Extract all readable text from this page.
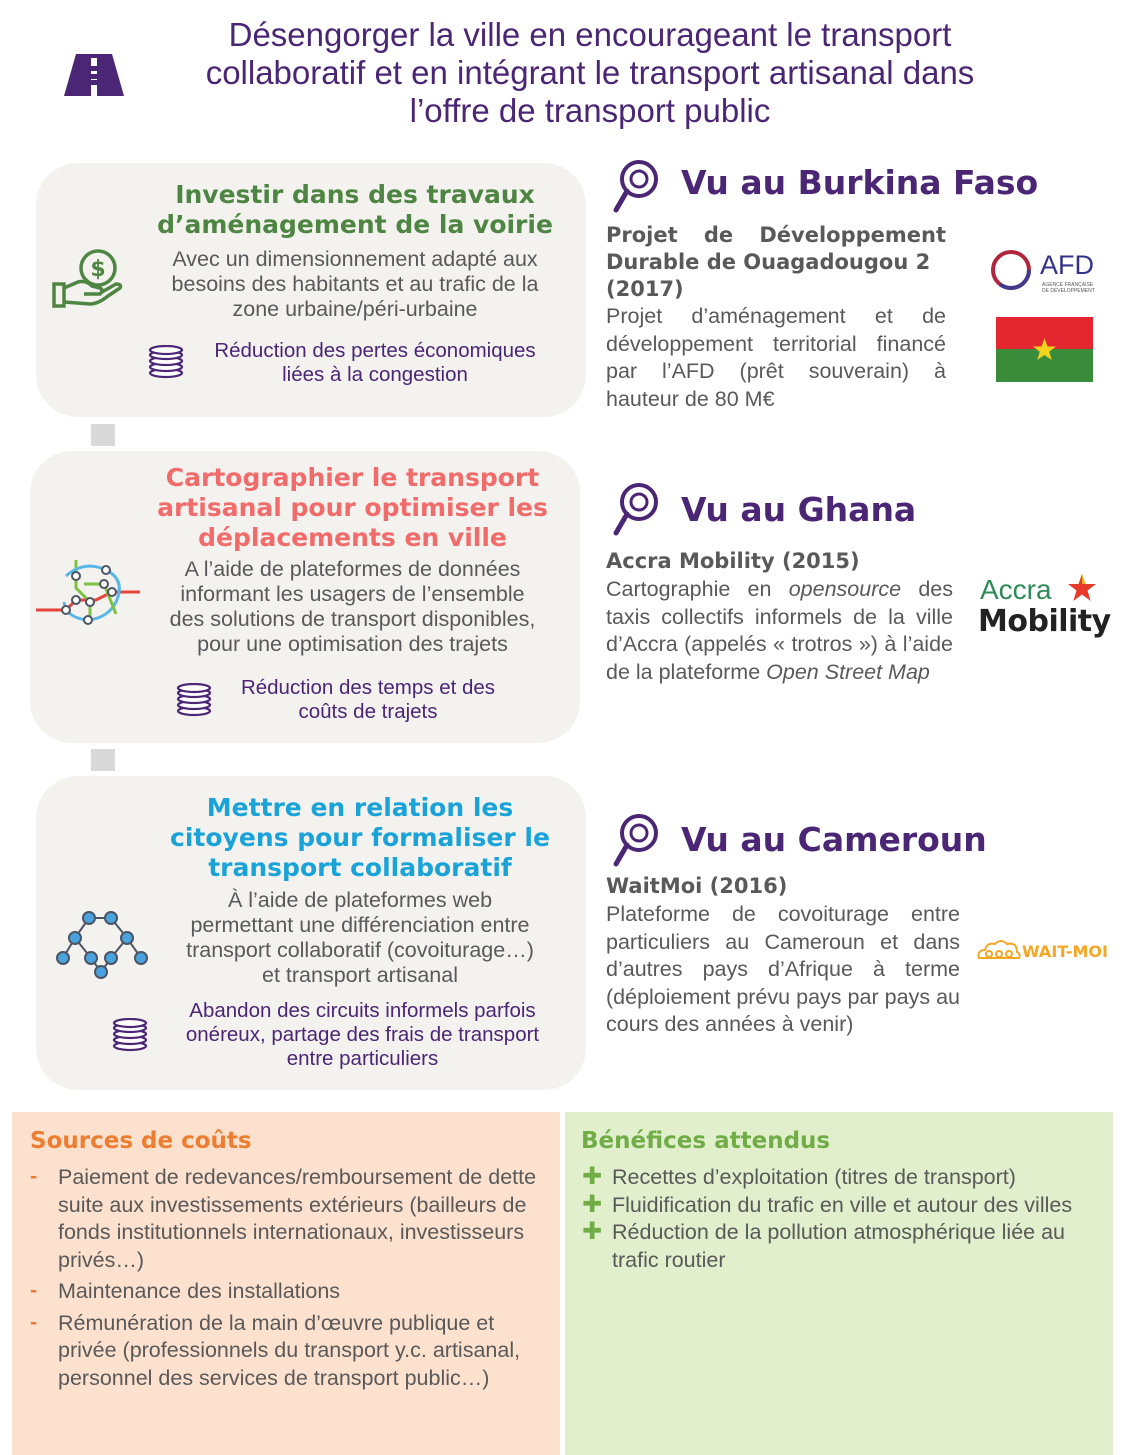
Désengorger la ville en encourageant le transport
collaboratif et en intégrant le transport artisanal dans
l’offre de transport public
$
Investir dans des travaux
d’aménagement de la voirie
Avec un dimensionnement adapté aux
besoins des habitants et au trafic de la
zone urbaine/péri-urbaine
Réduction des pertes économiques
liées à la congestion
Cartographier le transport
artisanal pour optimiser les
déplacements en ville
A l’aide de plateformes de données
informant les usagers de l’ensemble
des solutions de transport disponibles,
pour une optimisation des trajets
Réduction des temps et des
coûts de trajets
Mettre en relation les
citoyens pour formaliser le
transport collaboratif
À l’aide de plateformes web
permettant une différenciation entre
transport collaboratif (covoiturage…)
et transport artisanal
Abandon des circuits informels parfois
onéreux, partage des frais de transport
entre particuliers
Vu au Burkina Faso
Projet de Développement
Durable de Ouagadougou 2
(2017)
Projet d’aménagement et de développement territorial financé par l’AFD (prêt souverain) à hauteur de 80 M€
AFD
AGENCE FRANÇAISE
DE DÉVELOPPEMENT
Vu au Ghana
Accra Mobility (2015)
Cartographie en opensource des taxis collectifs informels de la ville d’Accra (appelés « trotros ») à l’aide de la plateforme Open Street Map
Accra
Mobility
Vu au Cameroun
WaitMoi (2016)
Plateforme de covoiturage entre particuliers au Cameroun et dans d’autres pays d’Afrique à terme (déploiement prévu pays par pays au cours des années à venir)
WAIT-MOI
Sources de coûts
- Paiement de redevances/remboursement de dette suite aux investissements extérieurs (bailleurs de fonds institutionnels internationaux, investisseurs privés…)
- Maintenance des installations
- Rémunération de la main d’œuvre publique et privée (professionnels du transport y.c. artisanal, personnel des services de transport public…)
Bénéfices attendus
✚ Recettes d’exploitation (titres de transport)
✚ Fluidification du trafic en ville et autour des villes
✚ Réduction de la pollution atmosphérique liée au trafic routier
